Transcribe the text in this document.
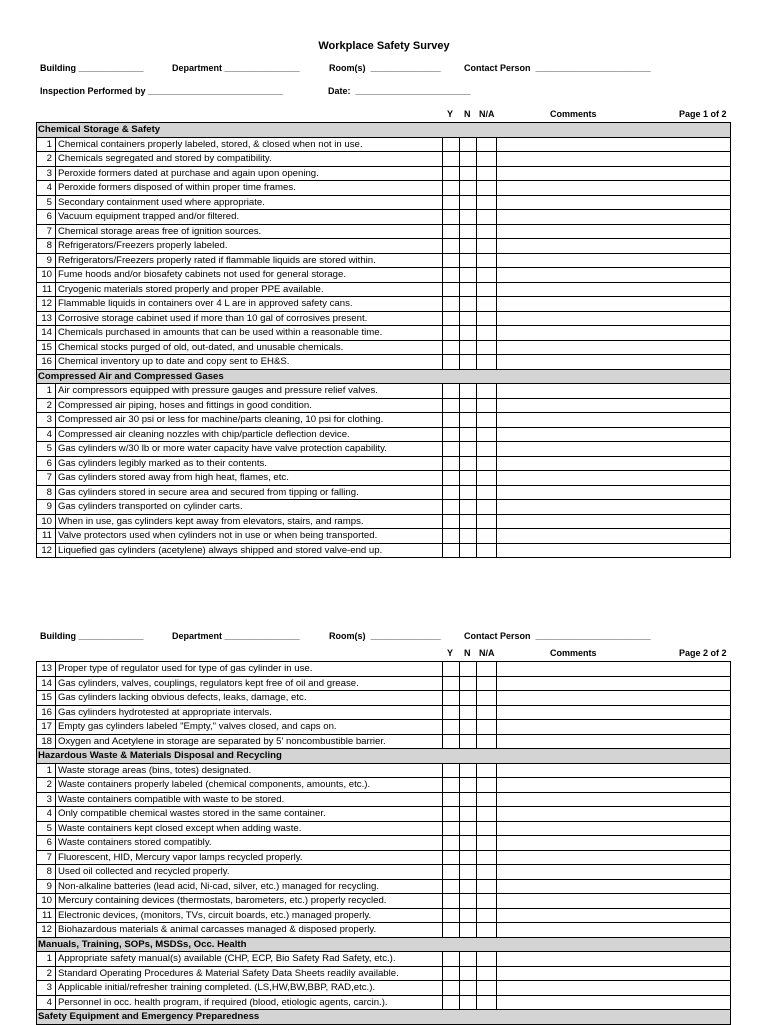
Workplace Safety Survey
Building _____________	Department _______________	Room(s)  ______________	Contact Person  _______________________
Inspection Performed by ___________________________	Date:  _______________________
Y N N/A	Comments	Page 1 of 2
Chemical Storage & Safety					
1	Chemical containers properly labeled, stored, & closed when not in use.				
2	Chemicals segregated and stored by compatibility.				
3	Peroxide formers dated at purchase and again upon opening.				
4	Peroxide formers disposed of within proper time frames.				
5	Secondary containment used where appropriate.				
6	Vacuum equipment trapped and/or filtered.				
7	Chemical storage areas free of ignition sources.				
8	Refrigerators/Freezers properly labeled.				
9	Refrigerators/Freezers properly rated if flammable liquids are stored within.				
10	Fume hoods and/or biosafety cabinets not used for general storage.				
11	Cryogenic materials stored properly and proper PPE available.				
12	Flammable liquids in containers over 4 L are in approved safety cans.				
13	Corrosive storage cabinet used if more than 10 gal of corrosives present.				
14	Chemicals purchased in amounts that can be used within a reasonable time.				
15	Chemical stocks purged of old, out-dated, and unusable chemicals.				
16	Chemical inventory up to date and copy sent to EH&S.				
Compressed Air and Compressed Gases					
1	Air compressors equipped with pressure gauges and pressure relief valves.				
2	Compressed air piping, hoses and fittings in good condition.				
3	Compressed air 30 psi or less for machine/parts cleaning, 10 psi for clothing.				
4	Compressed air cleaning nozzles with chip/particle deflection device.				
5	Gas cylinders w/30 lb or more water capacity have valve protection capability.				
6	Gas cylinders legibly marked as to their contents.				
7	Gas cylinders stored away from high heat, flames, etc.				
8	Gas cylinders stored in secure area and secured from tipping or falling.				
9	Gas cylinders transported on cylinder carts.				
10	When in use, gas cylinders kept away from elevators, stairs, and ramps.				
11	Valve protectors used when cylinders not in use or when being transported.				
12	Liquefied gas cylinders (acetylene) always shipped and stored valve-end up.				
Building _____________	Department _______________	Room(s)  ______________	Contact Person  _______________________
Y N N/A	Comments	Page 2 of 2
13	Proper type of regulator used for type of gas cylinder in use.				
14	Gas cylinders, valves, couplings, regulators kept free of oil and grease.				
15	Gas cylinders lacking obvious defects, leaks, damage, etc.				
16	Gas cylinders hydrotested at appropriate intervals.				
17	Empty gas cylinders labeled "Empty," valves closed, and caps on.				
18	Oxygen and Acetylene in storage are separated by 5' noncombustible barrier.				
Hazardous Waste & Materials Disposal and Recycling					
1	Waste storage areas (bins, totes) designated.				
2	Waste containers properly labeled (chemical components, amounts, etc.).				
3	Waste containers compatible with waste to be stored.				
4	Only compatible chemical wastes stored in the same container.				
5	Waste containers kept closed except when adding waste.				
6	Waste containers stored compatibly.				
7	Fluorescent, HID, Mercury vapor lamps recycled properly.				
8	Used oil collected and recycled properly.				
9	Non-alkaline batteries (lead acid, Ni-cad, silver, etc.) managed for recycling.				
10	Mercury containing devices (thermostats, barometers, etc.) properly recycled.				
11	Electronic devices, (monitors, TVs, circuit boards, etc.) managed properly.				
12	Biohazardous materials & animal carcasses managed & disposed properly.				
Manuals, Training, SOPs, MSDSs, Occ. Health					
1	Appropriate safety manual(s) available (CHP, ECP, Bio Safety Rad Safety, etc.).				
2	Standard Operating Procedures & Material Safety Data Sheets readily available.				
3	Applicable initial/refresher training completed. (LS,HW,BW,BBP, RAD,etc.).				
4	Personnel in occ. health program, if required (blood, etiologic agents, carcin.).				
Safety Equipment and Emergency Preparedness					
